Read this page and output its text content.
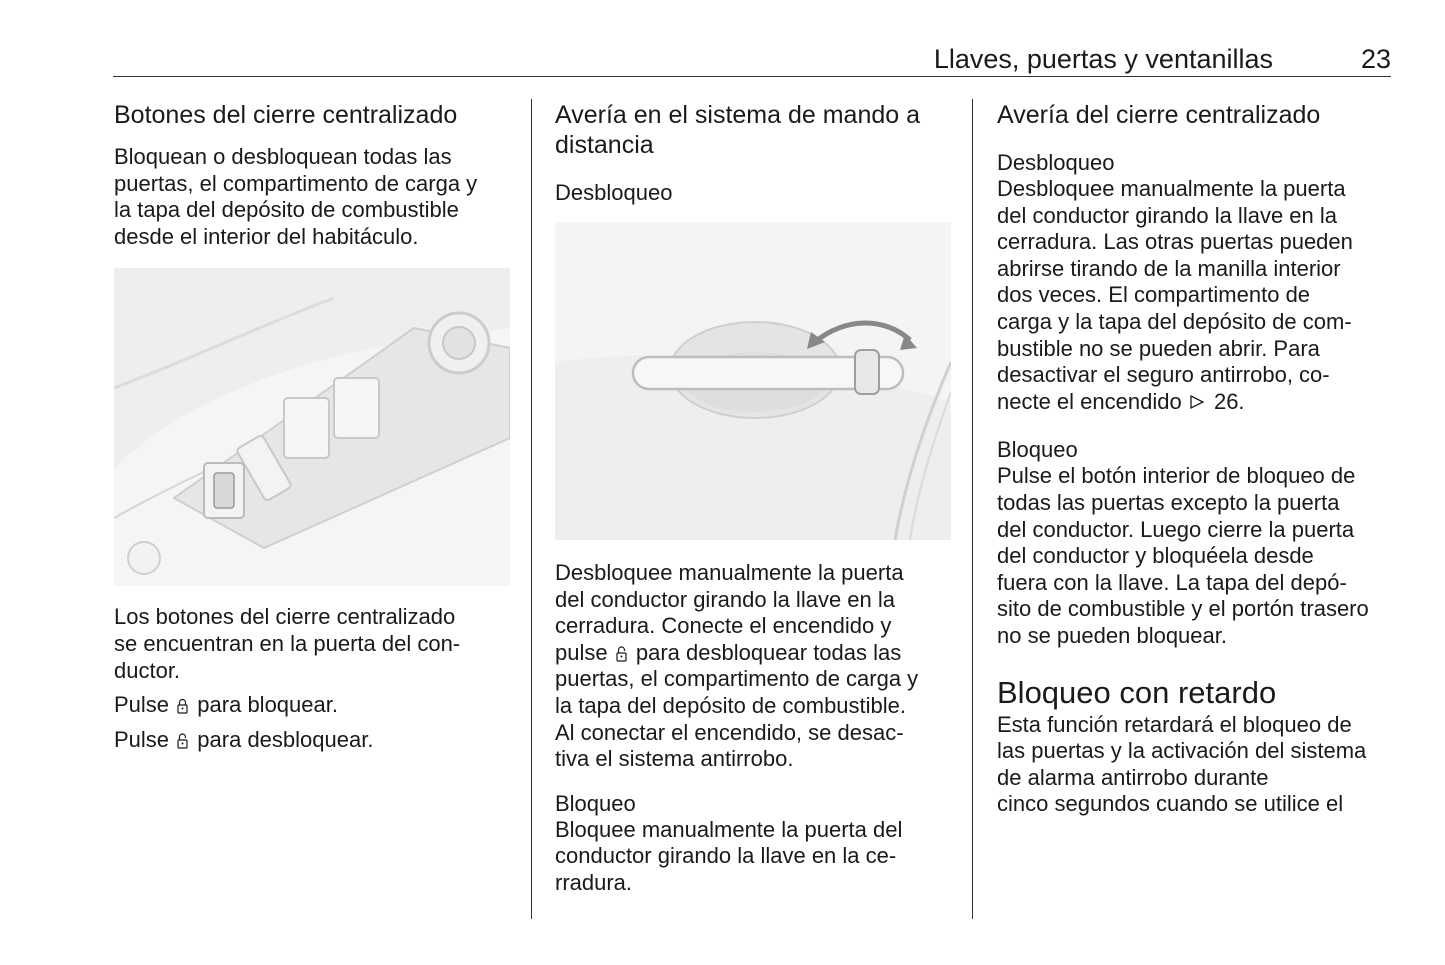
Llaves, puertas y ventanillas	23
Botones del cierre centralizado

Bloquean o desbloquean todas las

puertas, el compartimento de carga y

la tapa del depósito de combustible

desde el interior del habitáculo.

Los botones del cierre centralizado

se encuentran en la puerta del con-

ductor.

Pulse para bloquear.

Pulse para desbloquear.

Avería en el sistema de mando a
distancia
Desbloqueo

Desbloquee manualmente la puerta

del conductor girando la llave en la

cerradura. Conecte el encendido y

pulse para desbloquear todas las

puertas, el compartimento de carga y

la tapa del depósito de combustible.

Al conectar el encendido, se desac-

tiva el sistema antirrobo.

Bloqueo

Bloquee manualmente la puerta del

conductor girando la llave en la ce-

rradura.

Avería del cierre centralizado
Desbloqueo

Desbloquee manualmente la puerta

del conductor girando la llave en la

cerradura. Las otras puertas pueden

abrirse tirando de la manilla interior

dos veces. El compartimento de

carga y la tapa del depósito de com-

bustible no se pueden abrir. Para

desactivar el seguro antirrobo, co-

necte el encendido 26.

Bloqueo

Pulse el botón interior de bloqueo de

todas las puertas excepto la puerta

del conductor. Luego cierre la puerta

del conductor y bloquéela desde

fuera con la llave. La tapa del depó-

sito de combustible y el portón trasero

no se pueden bloquear.

Bloqueo con retardo

Esta función retardará el bloqueo de

las puertas y la activación del sistema

de alarma antirrobo durante

cinco segundos cuando se utilice el
